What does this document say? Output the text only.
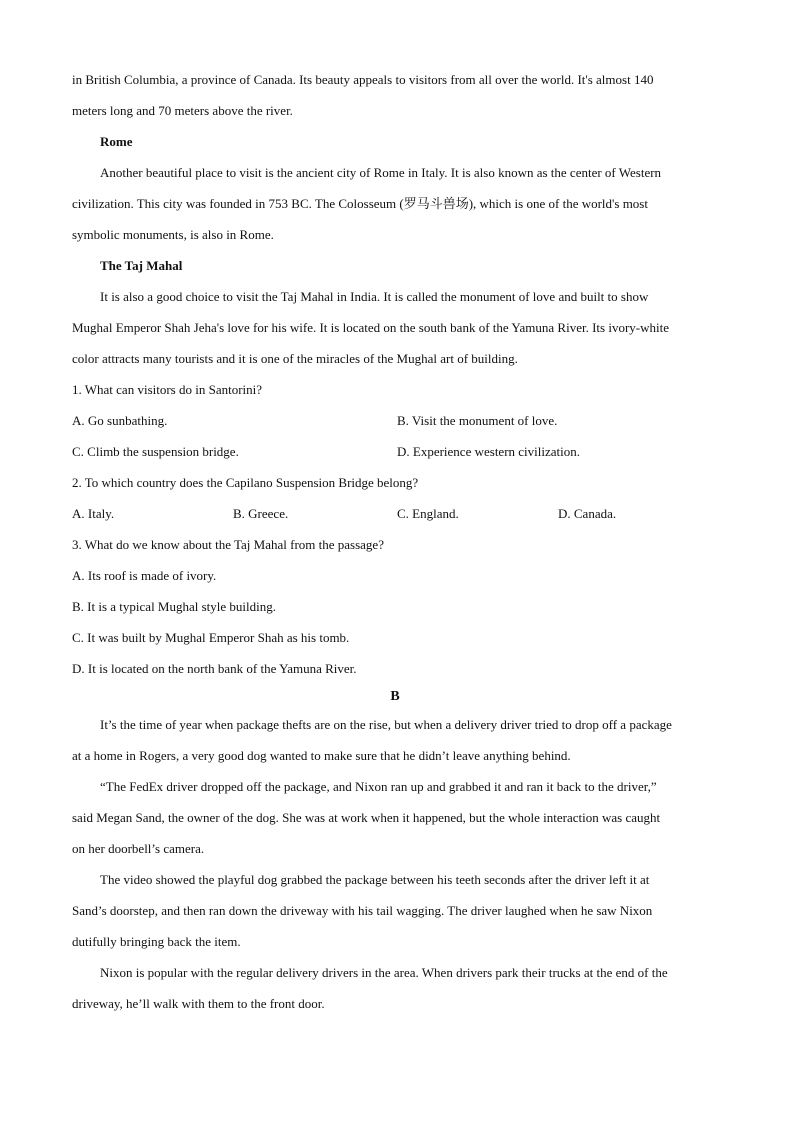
in British Columbia, a province of Canada. Its beauty appeals to visitors from all over the world. It's almost 140
meters long and 70 meters above the river.
Rome
Another beautiful place to visit is the ancient city of Rome in Italy. It is also known as the center of Western
civilization. This city was founded in 753 BC. The Colosseum (罗马斗兽场), which is one of the world's most
symbolic monuments, is also in Rome.
The Taj Mahal
It is also a good choice to visit the Taj Mahal in India. It is called the monument of love and built to show
Mughal Emperor Shah Jeha's love for his wife. It is located on the south bank of the Yamuna River. Its ivory-white
color attracts many tourists and it is one of the miracles of the Mughal art of building.
1. What can visitors do in Santorini?
A. Go sunbathing.	B. Visit the monument of love.
C. Climb the suspension bridge.	D. Experience western civilization.
2. To which country does the Capilano Suspension Bridge belong?
A. Italy.	B. Greece.	C. England.	D. Canada.
3. What do we know about the Taj Mahal from the passage?
A. Its roof is made of ivory.
B. It is a typical Mughal style building.
C. It was built by Mughal Emperor Shah as his tomb.
D. It is located on the north bank of the Yamuna River.
B
It’s the time of year when package thefts are on the rise, but when a delivery driver tried to drop off a package
at a home in Rogers, a very good dog wanted to make sure that he didn’t leave anything behind.
“The FedEx driver dropped off the package, and Nixon ran up and grabbed it and ran it back to the driver,”
said Megan Sand, the owner of the dog. She was at work when it happened, but the whole interaction was caught
on her doorbell’s camera.
The video showed the playful dog grabbed the package between his teeth seconds after the driver left it at
Sand’s doorstep, and then ran down the driveway with his tail wagging. The driver laughed when he saw Nixon
dutifully bringing back the item.
Nixon is popular with the regular delivery drivers in the area. When drivers park their trucks at the end of the
driveway, he’ll walk with them to the front door.
